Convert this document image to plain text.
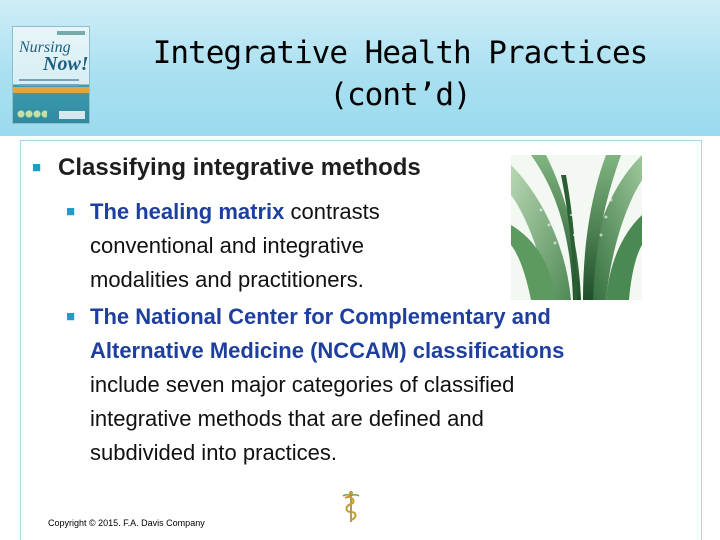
Nursing
Now!	Integrative Health Practices
(cont’d)
■ Classifying integrative methods
■ The healing matrix contrasts
conventional and integrative
modalities and practitioners.
■ The National Center for Complementary and
Alternative Medicine (NCCAM) classifications
include seven major categories of classified
integrative methods that are defined and
subdivided into practices.
Copyright © 2015. F.A. Davis Company
